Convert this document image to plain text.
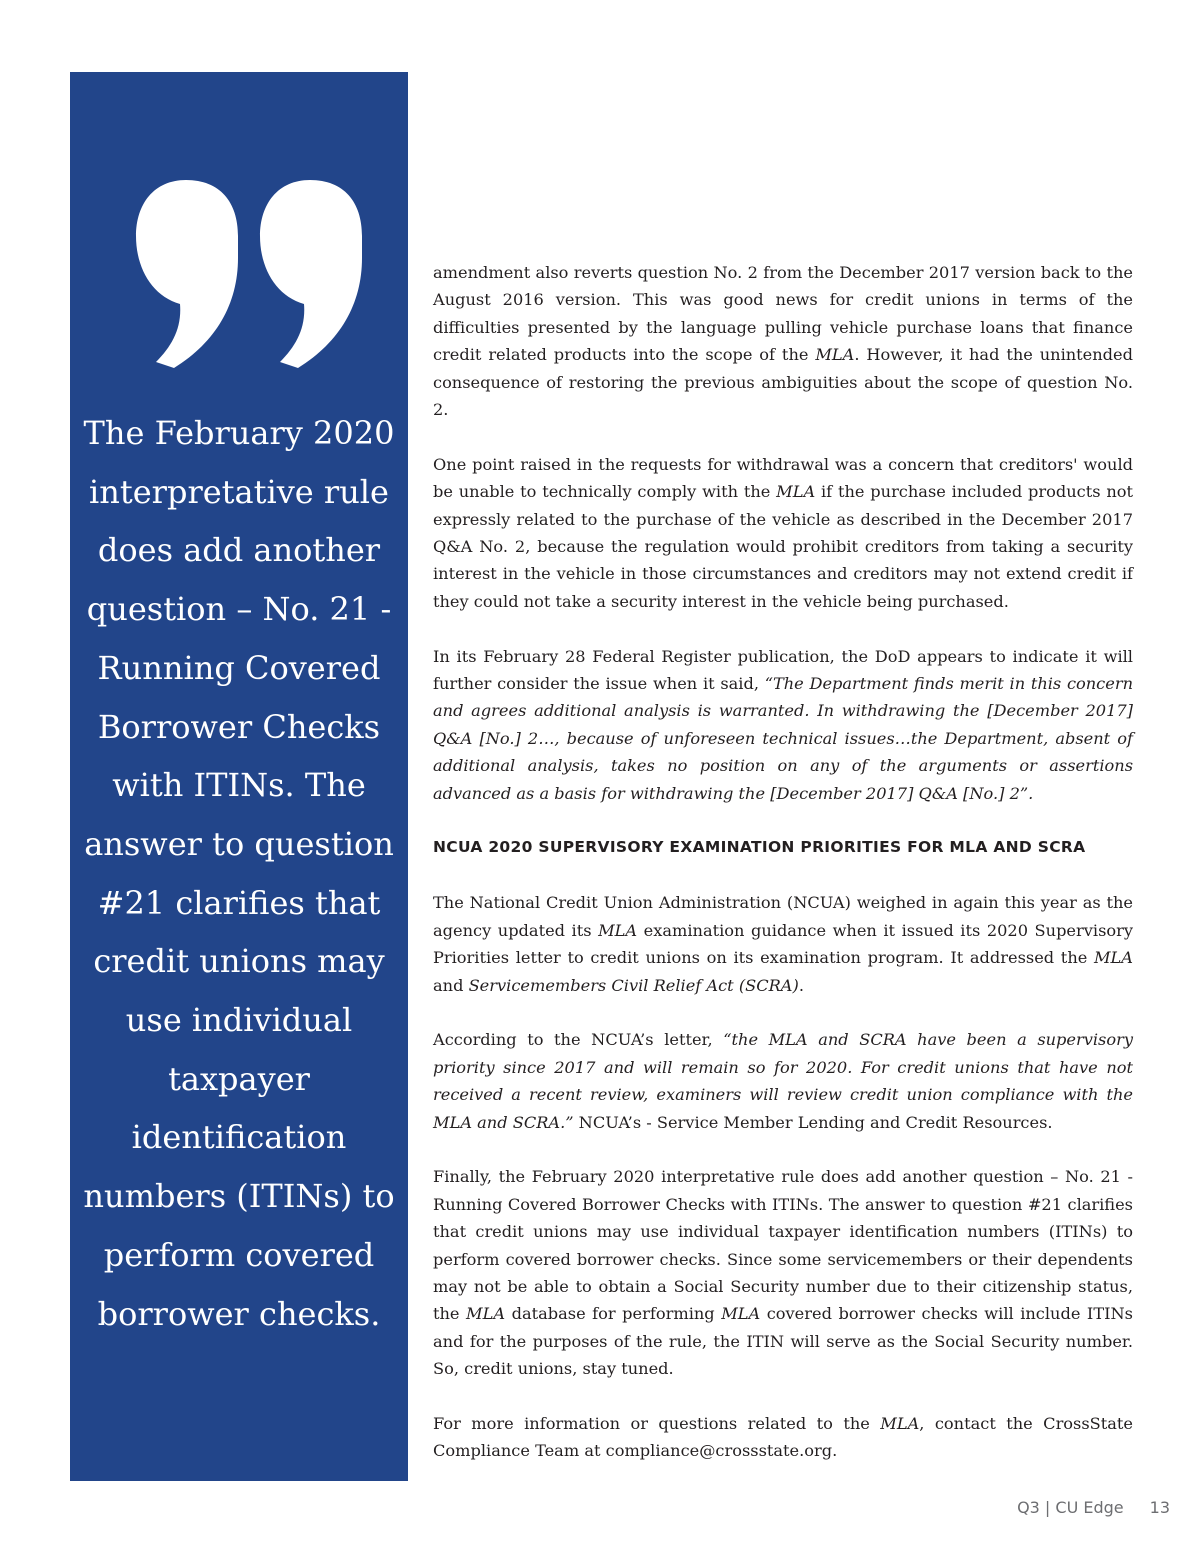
The February 2020 interpretative rule does add another question – No. 21 - Running Covered Borrower Checks with ITINs. The answer to question #21 clarifies that credit unions may use individual taxpayer identification numbers (ITINs) to perform covered borrower checks.

amendment also reverts question No. 2 from the December 2017 version back to the August 2016 version. This was good news for credit unions in terms of the difficulties presented by the language pulling vehicle purchase loans that finance credit related products into the scope of the MLA. However, it had the unintended consequence of restoring the previous ambiguities about the scope of question No. 2.

One point raised in the requests for withdrawal was a concern that creditors' would be unable to technically comply with the MLA if the purchase included products not expressly related to the purchase of the vehicle as described in the December 2017 Q&A No. 2, because the regulation would prohibit creditors from taking a security interest in the vehicle in those circumstances and creditors may not extend credit if they could not take a security interest in the vehicle being purchased.

In its February 28 Federal Register publication, the DoD appears to indicate it will further consider the issue when it said, “The Department finds merit in this concern and agrees additional analysis is warranted. In withdrawing the [December 2017] Q&A [No.] 2…, because of unforeseen technical issues…the Department, absent of additional analysis, takes no position on any of the arguments or assertions advanced as a basis for withdrawing the [December 2017] Q&A [No.] 2”.

NCUA 2020 SUPERVISORY EXAMINATION PRIORITIES FOR MLA AND SCRA

The National Credit Union Administration (NCUA) weighed in again this year as the agency updated its MLA examination guidance when it issued its 2020 Supervisory Priorities letter to credit unions on its examination program. It addressed the MLA and Servicemembers Civil Relief Act (SCRA).

According to the NCUA’s letter, “the MLA and SCRA have been a supervisory priority since 2017 and will remain so for 2020. For credit unions that have not received a recent review, examiners will review credit union compliance with the MLA and SCRA.” NCUA’s - Service Member Lending and Credit Resources.

Finally, the February 2020 interpretative rule does add another question – No. 21 - Running Covered Borrower Checks with ITINs. The answer to question #21 clarifies that credit unions may use individual taxpayer identification numbers (ITINs) to perform covered borrower checks. Since some servicemembers or their dependents may not be able to obtain a Social Security number due to their citizenship status, the MLA database for performing MLA covered borrower checks will include ITINs and for the purposes of the rule, the ITIN will serve as the Social Security number. So, credit unions, stay tuned.

For more information or questions related to the MLA, contact the CrossState Compliance Team at compliance@crossstate.org.

Q3 | CU Edge 13
